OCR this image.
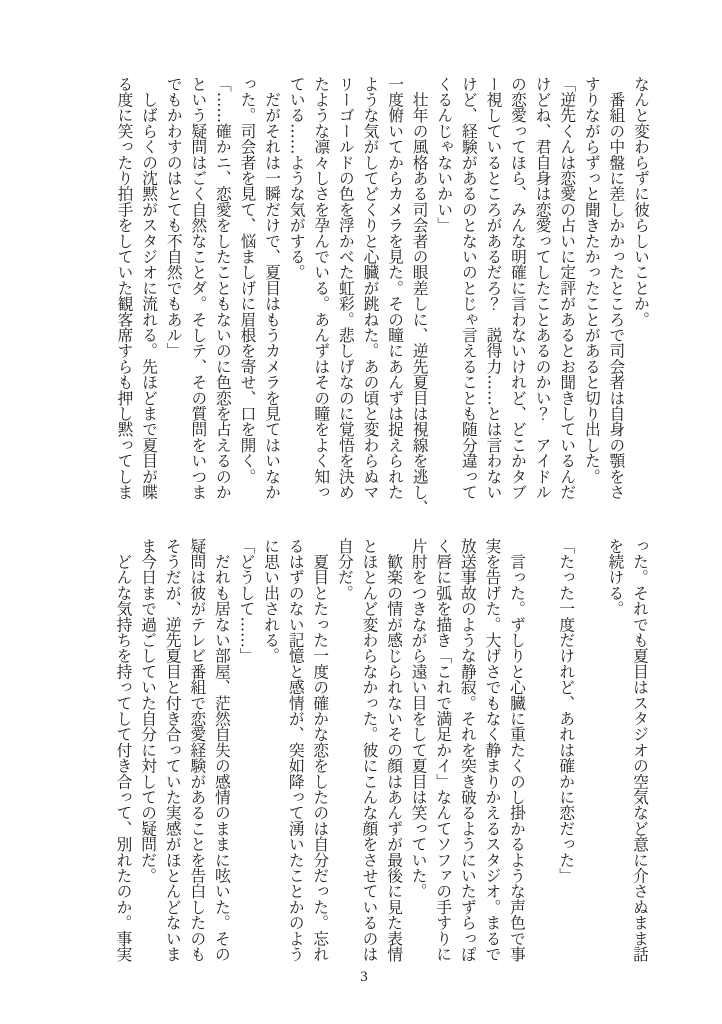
なんと変わらずに彼らしいことか。
　番組の中盤に差しかかったところで司会者は自身の顎をさ
すりながらずっと聞きたかったことがあると切り出した。
「逆先くんは恋愛の占いに定評があるとお聞きしているんだ
けどね、君自身は恋愛ってしたことあるのかい？　アイドル
の恋愛ってほら、みんな明確に言わないけれど、どこかタブ
ー視しているところがあるだろ？　説得力……とは言わない
けど、経験があるのとないのとじゃ言えることも随分違って
くるんじゃないかい」
　壮年の風格ある司会者の眼差しに、逆先夏目は視線を逃し、
一度俯いてからカメラを見た。その瞳にあんずは捉えられた
ような気がしてどくりと心臓が跳ねた。あの頃と変わらぬマ
リーゴールドの色を浮かべた虹彩。悲しげなのに覚悟を決め
たような凛々しさを孕んでいる。あんずはその瞳をよく知っ
ている……ような気がする。
　だがそれは一瞬だけで、夏目はもうカメラを見てはいなか
った。司会者を見て、悩ましげに眉根を寄せ、口を開く。
「……確かニ、恋愛をしたこともないのに色恋を占えるのか
という疑問はごく自然なことダ。そしテ、その質問をいつま
でもかわすのはとても不自然でもあル」
　しばらくの沈黙がスタジオに流れる。先ほどまで夏目が喋
る度に笑ったり拍手をしていた観客席すらも押し黙ってしま
った。それでも夏目はスタジオの空気など意に介さぬまま話
を続ける。
「たった一度だけれど、あれは確かに恋だった」
　言った。ずしりと心臓に重たくのし掛かるような声色で事
実を告げた。大げさでもなく静まりかえるスタジオ。まるで
放送事故のような静寂。それを突き破るようにいたずらっぽ
く唇に弧を描き「これで満足かイ」なんてソファの手すりに
片肘をつきながら遠い目をして夏目は笑っていた。
　歓楽の情が感じられないその顔はあんずが最後に見た表情
とほとんど変わらなかった。彼にこんな顔をさせているのは
自分だ。
　夏目とたった一度の確かな恋をしたのは自分だった。忘れ
るはずのない記憶と感情が、突如降って湧いたことかのよう
に思い出される。
「どうして……」
　だれも居ない部屋、茫然自失の感情のままに呟いた。その
疑問は彼がテレビ番組で恋愛経験があることを告白したのも
そうだが、逆先夏目と付き合っていた実感がほとんどないま
ま今日まで過ごしていた自分に対しての疑問だ。
　どんな気持ちを持ってして付き合って、別れたのか。事実
3
